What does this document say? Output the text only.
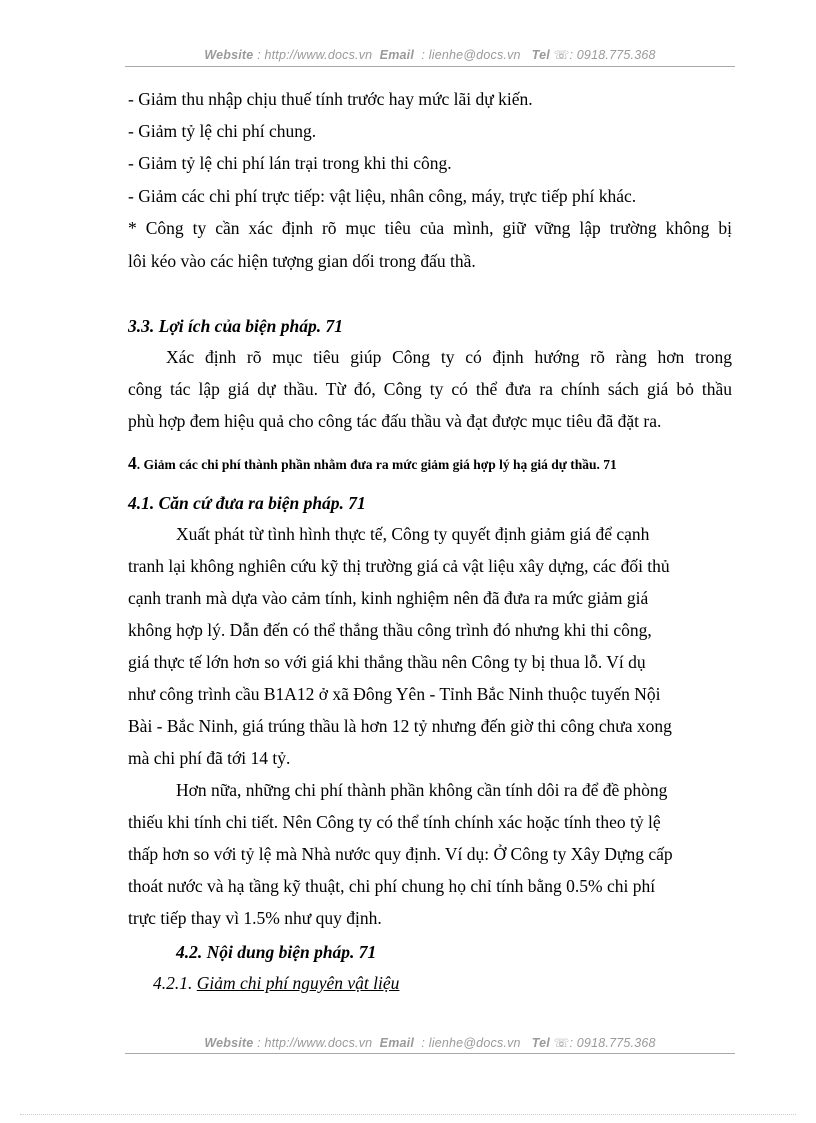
Website : http://www.docs.vn Email : lienhe@docs.vn Tel ☏: 0918.775.368
- Giảm thu nhập chịu thuế tính trước hay mức lãi dự kiến.
- Giảm tỷ lệ chi phí chung.
- Giảm tỷ lệ chi phí lán trại trong khi thi công.
- Giảm các chi phí trực tiếp: vật liệu, nhân công, máy, trực tiếp phí khác.
* Công ty cần xác định rõ mục tiêu của mình, giữ vững lập trường không bị
lôi kéo vào các hiện tượng gian dối trong đấu thầ.
3.3. Lợi ích của biện pháp. 71
Xác định rõ mục tiêu giúp Công ty có định hướng rõ ràng hơn trong
công tác lập giá dự thầu. Từ đó, Công ty có thể đưa ra chính sách giá bỏ thầu
phù hợp đem hiệu quả cho công tác đấu thầu và đạt được mục tiêu đã đặt ra.
4. Giảm các chi phí thành phần nhằm đưa ra mức giảm giá hợp lý hạ giá dự thầu. 71
4.1. Căn cứ đưa ra biện pháp. 71
Xuất phát từ tình hình thực tế, Công ty quyết định giảm giá để cạnh
tranh lại không nghiên cứu kỹ thị trường giá cả vật liệu xây dựng, các đối thủ
cạnh tranh mà dựa vào cảm tính, kinh nghiệm nên đã đưa ra mức giảm giá
không hợp lý. Dẫn đến có thể thắng thầu công trình đó nhưng khi thi công,
giá thực tế lớn hơn so với giá khi thắng thầu nên Công ty bị thua lỗ. Ví dụ
như công trình cầu B1A12 ở xã Đông Yên - Tỉnh Bắc Ninh thuộc tuyến Nội
Bài - Bắc Ninh, giá trúng thầu là hơn 12 tỷ nhưng đến giờ thi công chưa xong
mà chi phí đã tới 14 tỷ.
Hơn nữa, những chi phí thành phần không cần tính dôi ra để đề phòng
thiếu khi tính chi tiết. Nên Công ty có thể tính chính xác hoặc tính theo tỷ lệ
thấp hơn so với tỷ lệ mà Nhà nước quy định. Ví dụ: Ở Công ty Xây Dựng cấp
thoát nước và hạ tầng kỹ thuật, chi phí chung họ chỉ tính bằng 0.5% chi phí
trực tiếp thay vì 1.5% như quy định.
4.2. Nội dung biện pháp. 71
4.2.1. Giảm chi phí nguyên vật liệu
Website : http://www.docs.vn Email : lienhe@docs.vn Tel ☏: 0918.775.368
